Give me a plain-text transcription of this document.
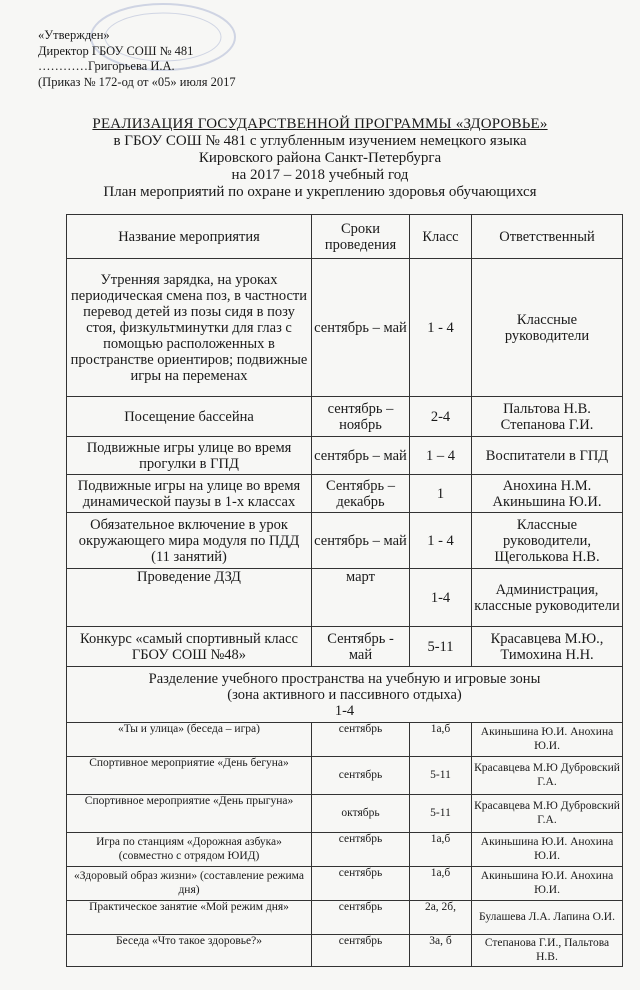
«Утвержден»
Директор ГБОУ СОШ № 481
…………Григорьева И.А.
(Приказ № 172-од от «05» июля 2017
РЕАЛИЗАЦИЯ ГОСУДАРСТВЕННОЙ ПРОГРАММЫ «ЗДОРОВЬЕ»
в ГБОУ СОШ № 481 с углубленным изучением немецкого языка
Кировского района Санкт-Петербурга
на 2017 – 2018 учебный год
План мероприятий по охране и укреплению здоровья обучающихся
Название мероприятия	Сроки проведения	Класс	Ответственный
Утренняя зарядка, на уроках периодическая смена поз, в частности перевод детей из позы сидя в позу стоя, физкультминутки для глаз с помощью расположенных в пространстве ориентиров; подвижные игры на переменах	сентябрь – май	1 - 4	Классные руководители
Посещение бассейна	сентябрь – ноябрь	2-4	Пальтова Н.В. Степанова Г.И.
Подвижные игры улице во время прогулки в ГПД	сентябрь – май	1 – 4	Воспитатели в ГПД
Подвижные игры на улице во время динамической паузы в 1-х классах	Сентябрь – декабрь	1	Анохина Н.М. Акиньшина Ю.И.
Обязательное включение в урок окружающего мира модуля по ПДД (11 занятий)	сентябрь – май	1 - 4	Классные руководители, Щеголькова Н.В.
Проведение ДЗД	март	1-4	Администрация, классные руководители
Конкурс «самый спортивный класс ГБОУ СОШ №48»	Сентябрь - май	5-11	Красавцева М.Ю., Тимохина Н.Н.

Разделение учебного пространства на учебную и игровые зоны
(зона активного и пассивного отдыха)
1-4			

«Ты и улица» (беседа – игра)	сентябрь	1а,б	Акиньшина Ю.И. Анохина Ю.И.
Спортивное мероприятие «День бегуна»	сентябрь	5-11	Красавцева М.Ю Дубровский Г.А.
Спортивное мероприятие «День прыгуна»	октябрь	5-11	Красавцева М.Ю Дубровский Г.А.
Игра по станциям «Дорожная азбука» (совместно с отрядом ЮИД)	сентябрь	1а,б	Акиньшина Ю.И. Анохина Ю.И.
«Здоровый образ жизни» (составление режима дня)	сентябрь	1а,б	Акиньшина Ю.И. Анохина Ю.И.
Практическое занятие «Мой режим дня»	сентябрь	2а, 2б,	Булашева Л.А. Лапина О.И.
Беседа «Что такое здоровье?»	сентябрь	3а, б	Степанова Г.И., Пальтова Н.В.
